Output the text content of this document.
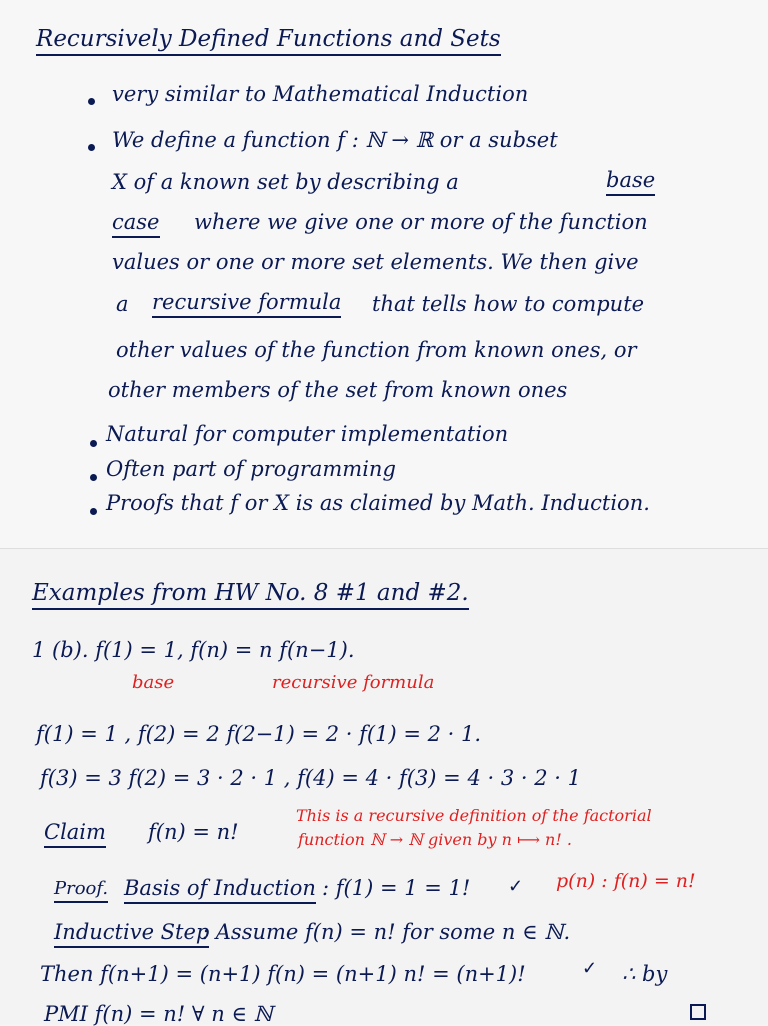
Recursively Defined Functions and Sets
very similar to Mathematical Induction
We define a function f : ℕ → ℝ or a subset
X of a known set by describing a	base
case where we give one or more of the function
values or one or more set elements. We then give
a recursive formula that tells how to compute
other values of the function from known ones, or
other members of the set from known ones
Natural for computer implementation
Often part of programming
Proofs that f or X is as claimed by Math. Induction.
Examples from HW No. 8 #1 and #2.
1 (b). f(1) = 1, f(n) = n f(n−1).
base	recursive formula
f(1) = 1 , f(2) = 2 f(2−1) = 2 · f(1) = 2 · 1.
f(3) = 3 f(2) = 3 · 2 · 1 , f(4) = 4 · f(3) = 4 · 3 · 2 · 1
Claim f(n) = n!
This is a recursive definition of the factorial
function ℕ → ℕ given by n ⟼ n! .
Proof. Basis of Induction : f(1) = 1 = 1! ✓ p(n) : f(n) = n!
Inductive Step
: Assume f(n) = n! for some n ∈ ℕ.
Then f(n+1) = (n+1) f(n) = (n+1) n! = (n+1)!	✓ ∴ by
PMI f(n) = n! ∀ n ∈ ℕ
